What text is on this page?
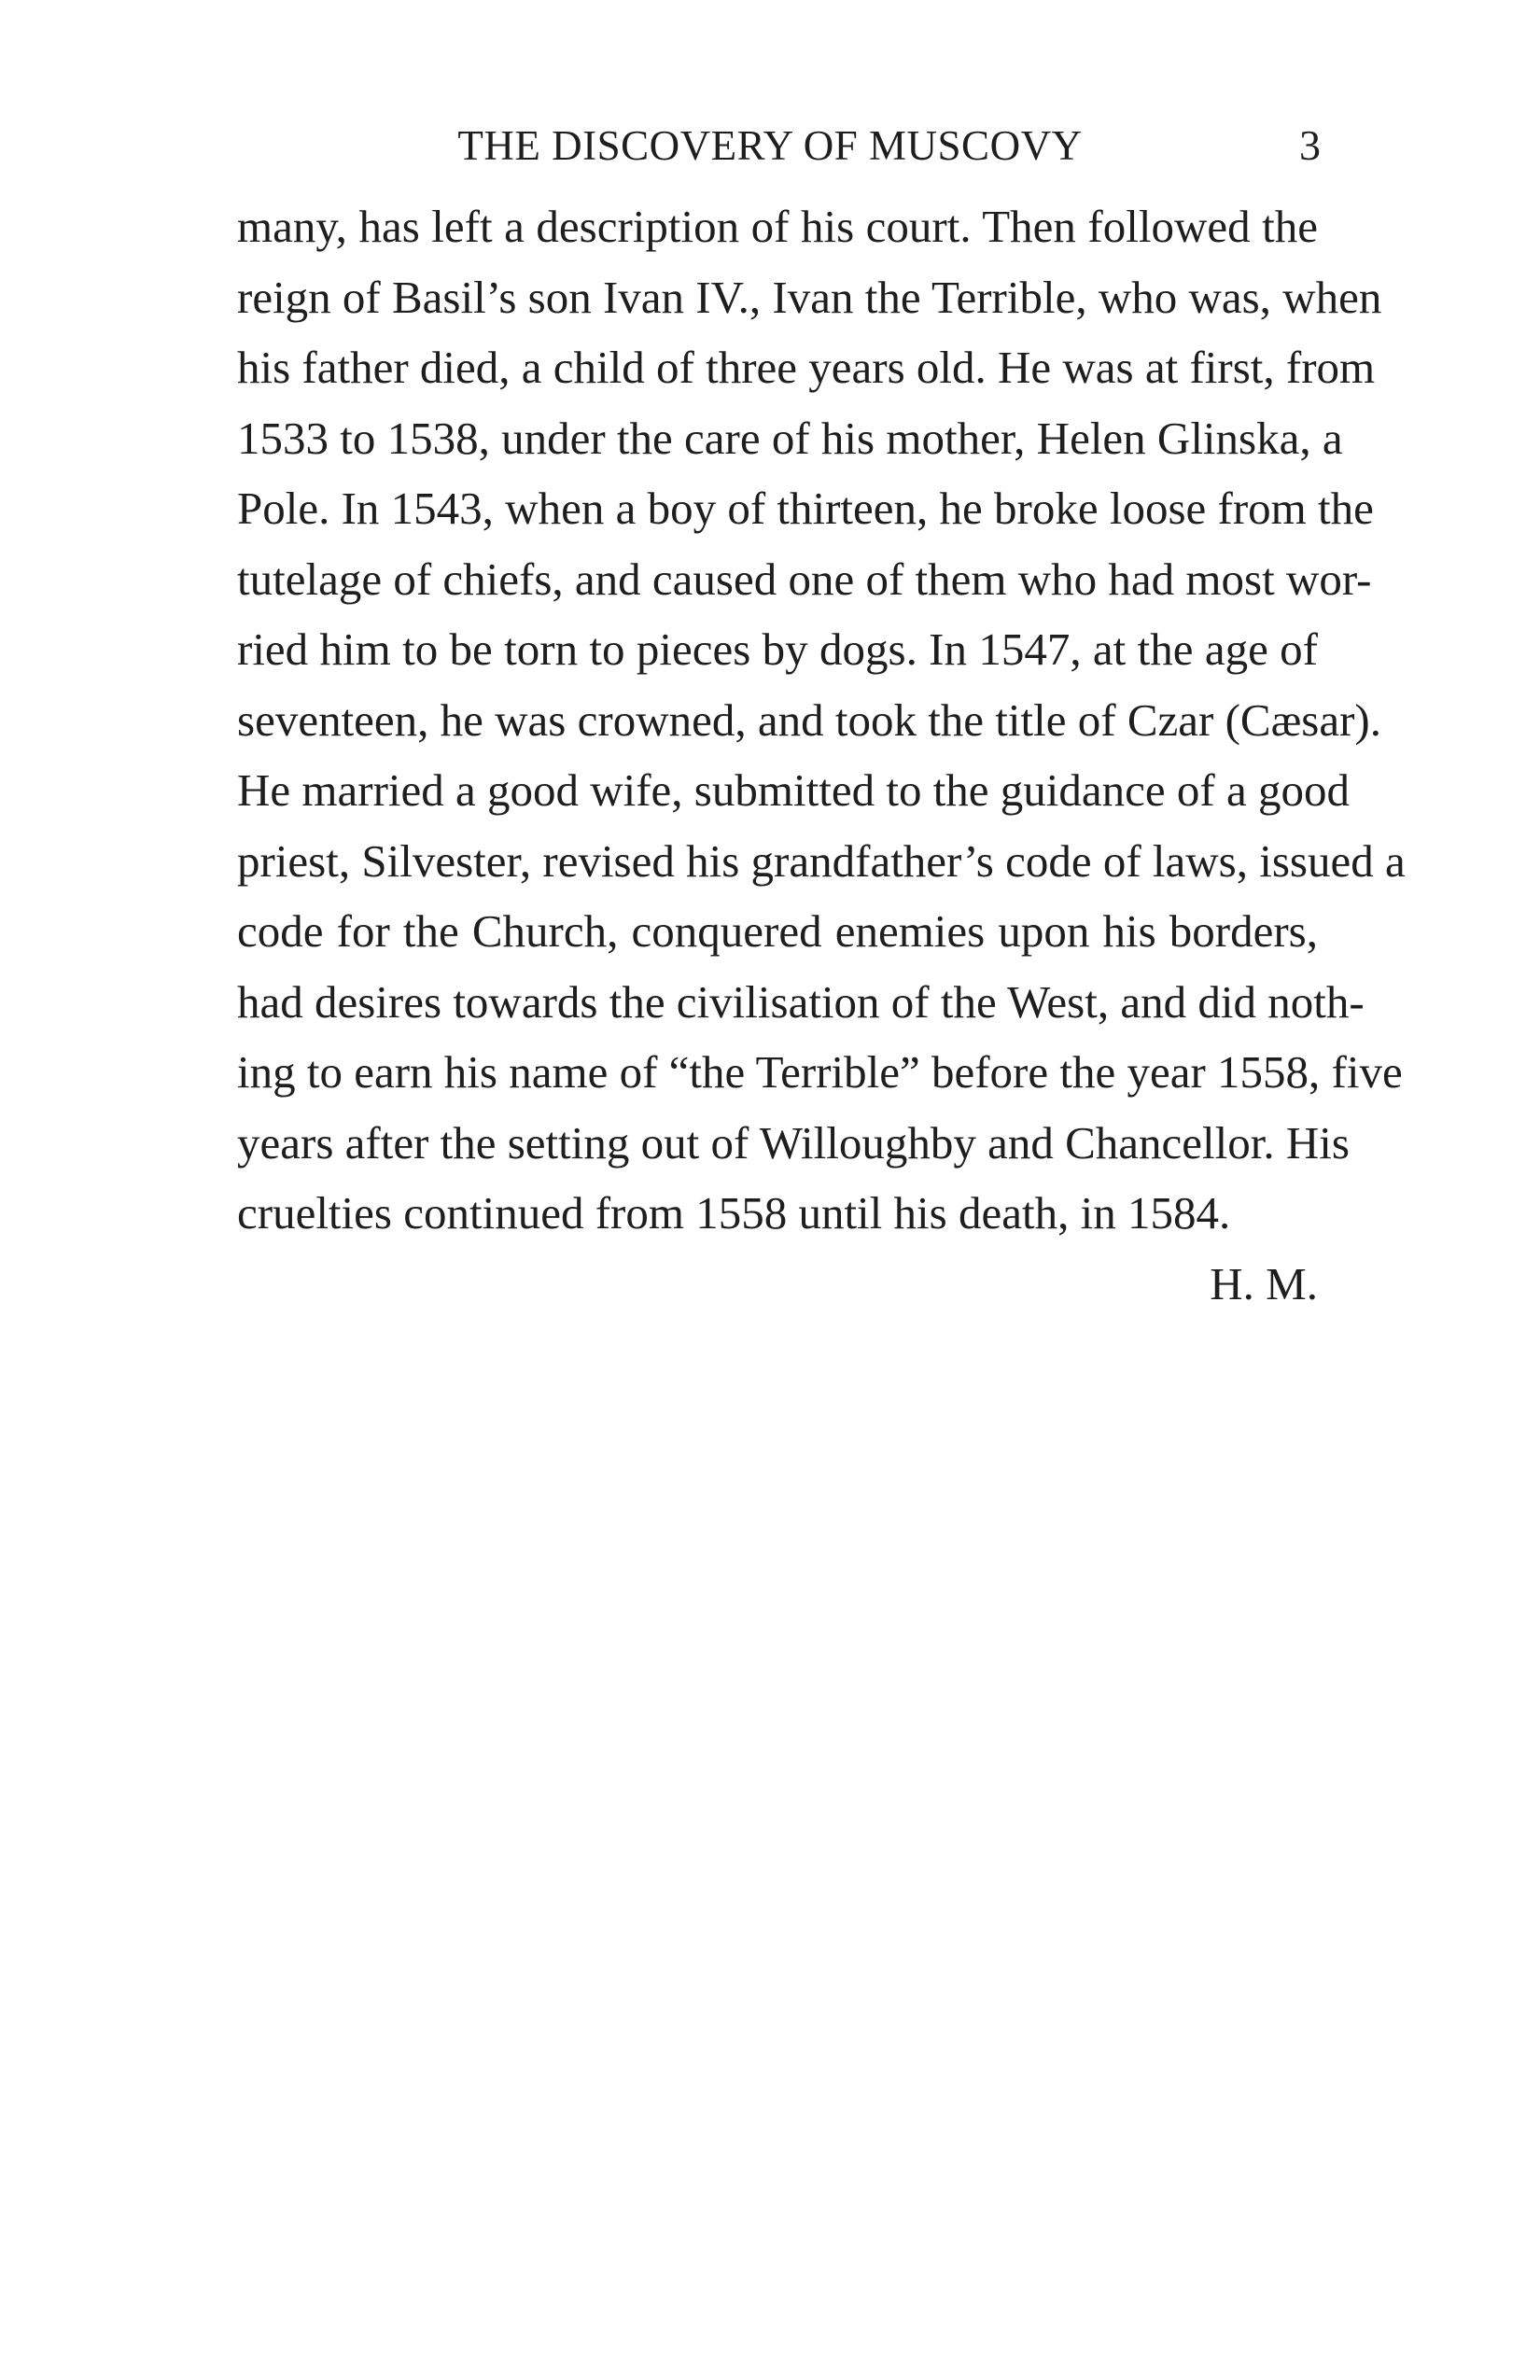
THE DISCOVERY OF MUSCOVY	3
many, has left a description of his court. Then followed the
reign of Basil’s son Ivan IV., Ivan the Terrible, who was, when
his father died, a child of three years old. He was at first, from
1533 to 1538, under the care of his mother, Helen Glinska, a
Pole. In 1543, when a boy of thirteen, he broke loose from the
tutelage of chiefs, and caused one of them who had most wor-
ried him to be torn to pieces by dogs. In 1547, at the age of
seventeen, he was crowned, and took the title of Czar (Cæsar).
He married a good wife, submitted to the guidance of a good
priest, Silvester, revised his grandfather’s code of laws, issued a
code for the Church, conquered enemies upon his borders,
had desires towards the civilisation of the West, and did noth-
ing to earn his name of “the Terrible” before the year 1558, five
years after the setting out of Willoughby and Chancellor. His
cruelties continued from 1558 until his death, in 1584.
H. M.
